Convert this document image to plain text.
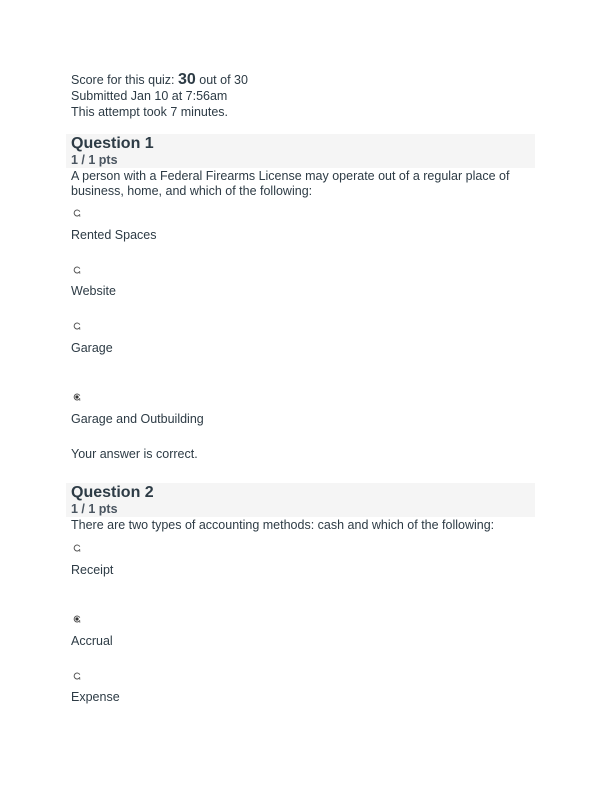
Score for this quiz: 30 out of 30
Submitted Jan 10 at 7:56am
This attempt took 7 minutes.
Question 1
1 / 1 pts
A person with a Federal Firearms License may operate out of a regular place of business, home, and which of the following:
Rented Spaces
Website
Garage
Garage and Outbuilding
Your answer is correct.
Question 2
1 / 1 pts
There are two types of accounting methods: cash and which of the following:
Receipt
Accrual
Expense
